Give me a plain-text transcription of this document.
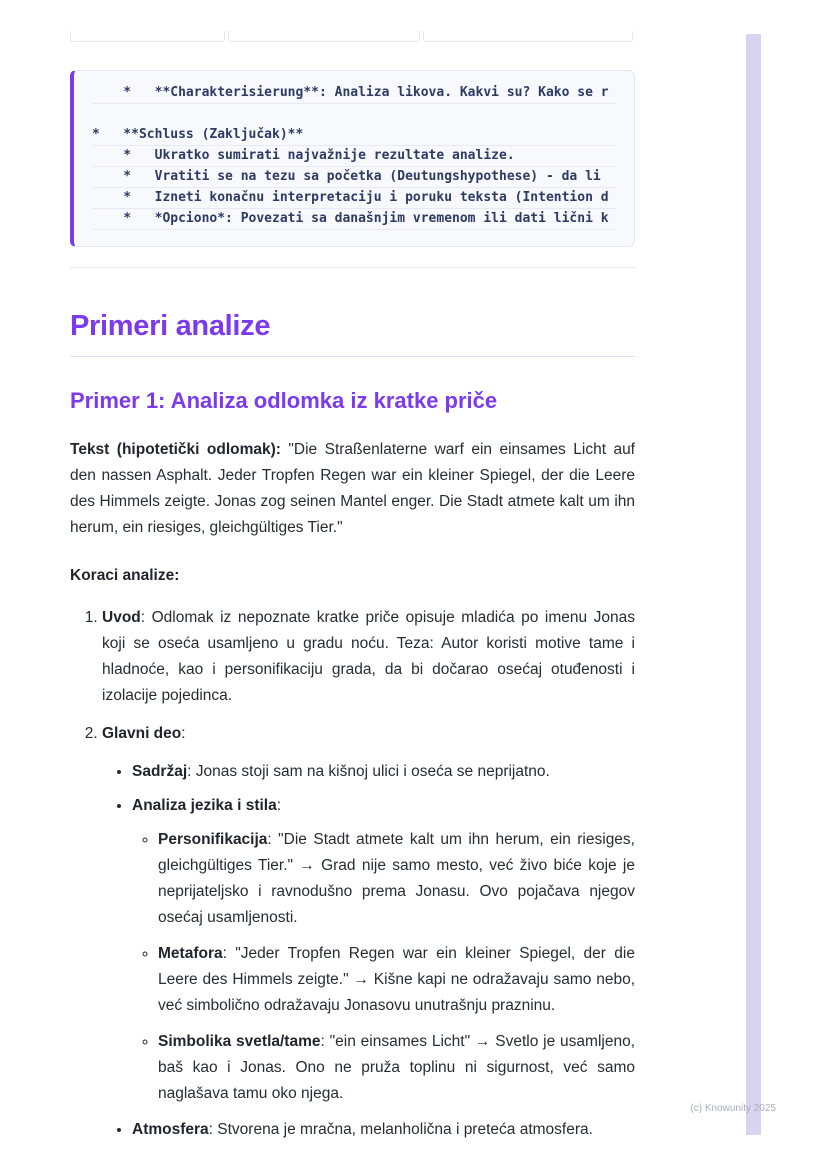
(c) Knowunity 2025
*   **Charakterisierung**: Analiza likova. Kakvi su? Kako se r
*   **Schluss (Zaključak)**
*   Ukratko sumirati najvažnije rezultate analize.
*   Vratiti se na tezu sa početka (Deutungshypothese) - da li
*   Izneti konačnu interpretaciju i poruku teksta (Intention d
*   *Opciono*: Povezati sa današnjim vremenom ili dati lični k
Primeri analize
Primer 1: Analiza odlomka iz kratke priče

Tekst (hipotetički odlomak): "Die Straßenlaterne warf ein einsames Licht auf den nassen Asphalt. Jeder Tropfen Regen war ein kleiner Spiegel, der die Leere des Himmels zeigte. Jonas zog seinen Mantel enger. Die Stadt atmete kalt um ihn herum, ein riesiges, gleichgültiges Tier."

Koraci analize:

1. Uvod: Odlomak iz nepoznate kratke priče opisuje mladića po imenu Jonas koji se oseća usamljeno u gradu noću. Teza: Autor koristi motive tame i hladnoće, kao i personifikaciju grada, da bi dočarao osećaj otuđenosti i izolacije pojedinca.
2. Glavni deo:
• Sadržaj: Jonas stoji sam na kišnoj ulici i oseća se neprijatno.
• Analiza jezika i stila:
◦ Personifikacija: "Die Stadt atmete kalt um ihn herum, ein riesiges, gleichgültiges Tier." → Grad nije samo mesto, već živo biće koje je neprijateljsko i ravnodušno prema Jonasu. Ovo pojačava njegov osećaj usamljenosti.
◦ Metafora: "Jeder Tropfen Regen war ein kleiner Spiegel, der die Leere des Himmels zeigte." → Kišne kapi ne odražavaju samo nebo, već simbolično odražavaju Jonasovu unutrašnju prazninu.
◦ Simbolika svetla/tame: "ein einsames Licht" → Svetlo je usamljeno, baš kao i Jonas. Ono ne pruža toplinu ni sigurnost, već samo naglašava tamu oko njega.
• Atmosfera: Stvorena je mračna, melanholična i preteća atmosfera.
